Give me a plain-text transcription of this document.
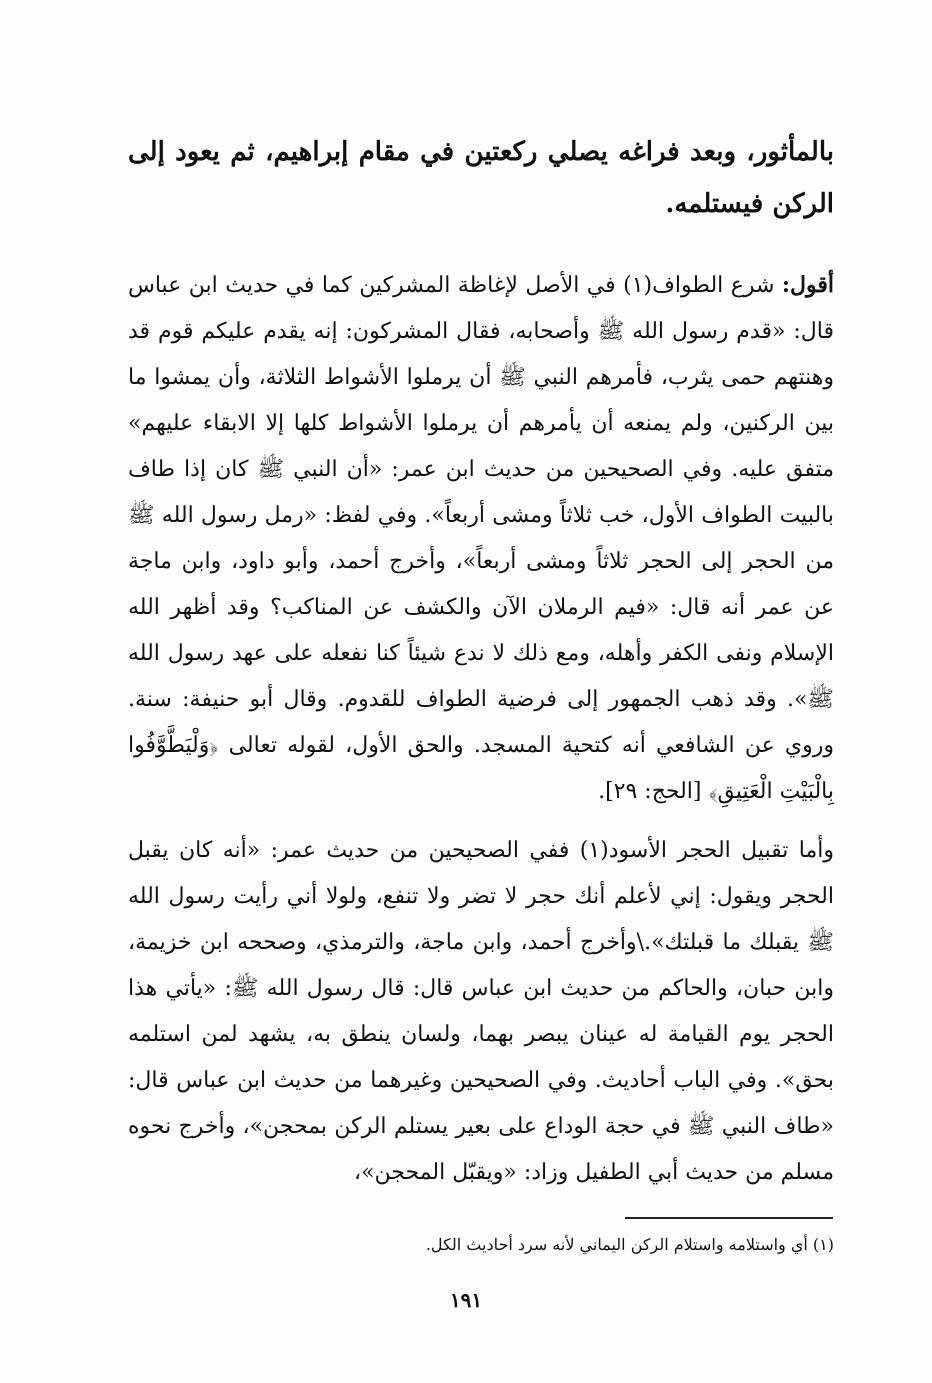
بالمأثور، وبعد فراغه يصلي ركعتين في مقام إبراهيم، ثم يعود إلى الركن فيستلمه.
أقول: شرع الطواف(١) في الأصل لإغاظة المشركين كما في حديث ابن عباس قال: «قدم رسول الله ﷺ وأصحابه، فقال المشركون: إنه يقدم عليكم قوم قد وهنتهم حمى يثرب، فأمرهم النبي ﷺ أن يرملوا الأشواط الثلاثة، وأن يمشوا ما بين الركنين، ولم يمنعه أن يأمرهم أن يرملوا الأشواط كلها إلا الابقاء عليهم» متفق عليه. وفي الصحيحين من حديث ابن عمر: «أن النبي ﷺ كان إذا طاف بالبيت الطواف الأول، خب ثلاثاً ومشى أربعاً». وفي لفظ: «رمل رسول الله ﷺ من الحجر إلى الحجر ثلاثاً ومشى أربعاً»، وأخرج أحمد، وأبو داود، وابن ماجة عن عمر أنه قال: «فيم الرملان الآن والكشف عن المناكب؟ وقد أظهر الله الإسلام ونفى الكفر وأهله، ومع ذلك لا ندع شيئاً كنا نفعله على عهد رسول الله ﷺ». وقد ذهب الجمهور إلى فرضية الطواف للقدوم. وقال أبو حنيفة: سنة. وروي عن الشافعي أنه كتحية المسجد. والحق الأول، لقوله تعالى ﴿وَلْيَطَّوَّفُوا بِالْبَيْتِ الْعَتِيقِ﴾ [الحج: ٢٩].
وأما تقبيل الحجر الأسود(١) ففي الصحيحين من حديث عمر: «أنه كان يقبل الحجر ويقول: إني لأعلم أنك حجر لا تضر ولا تنفع، ولولا أني رأيت رسول الله ﷺ يقبلك ما قبلتك».\وأخرج أحمد، وابن ماجة، والترمذي، وصححه ابن خزيمة، وابن حبان، والحاكم من حديث ابن عباس قال: قال رسول الله ﷺ: «يأتي هذا الحجر يوم القيامة له عينان يبصر بهما، ولسان ينطق به، يشهد لمن استلمه بحق». وفي الباب أحاديث. وفي الصحيحين وغيرهما من حديث ابن عباس قال: «طاف النبي ﷺ في حجة الوداع على بعير يستلم الركن بمحجن»، وأخرج نحوه مسلم من حديث أبي الطفيل وزاد: «ويقبّل المحجن»،
(١) أي واستلامه واستلام الركن اليماني لأنه سرد أحاديث الكل.
١٩١
